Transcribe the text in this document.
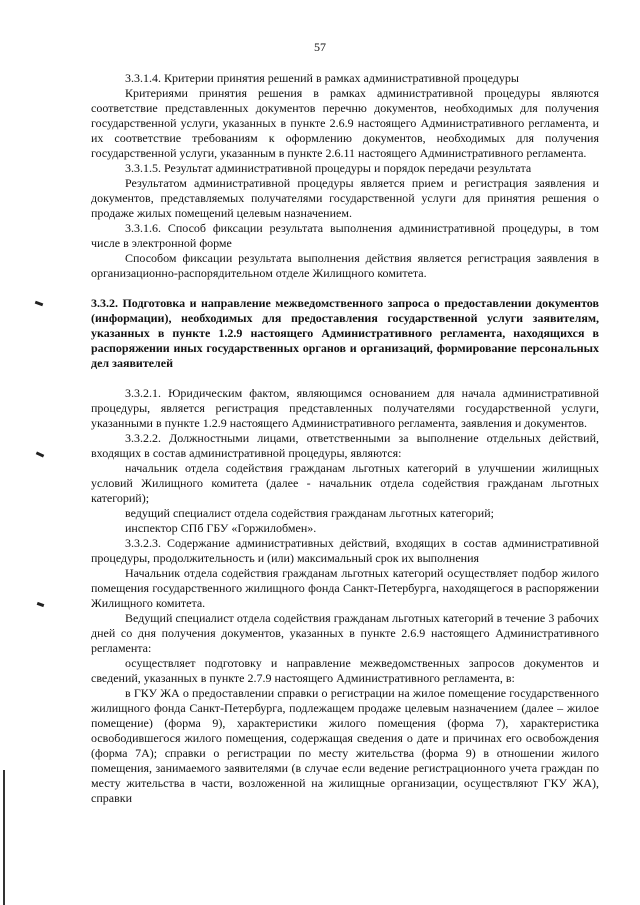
57

3.3.1.4. Критерии принятия решений в рамках административной процедуры

Критериями принятия решения в рамках административной процедуры являются соответствие представленных документов перечню документов, необходимых для получения государственной услуги, указанных в пункте 2.6.9 настоящего Административного регламента, и их соответствие требованиям к оформлению документов, необходимых для получения государственной услуги, указанным в пункте 2.6.11 настоящего Административного регламента.

3.3.1.5. Результат административной процедуры и порядок передачи результата

Результатом административной процедуры является прием и регистрация заявления и документов, представляемых получателями государственной услуги для принятия решения о продаже жилых помещений целевым назначением.

3.3.1.6. Способ фиксации результата выполнения административной процедуры, в том числе в электронной форме

Способом фиксации результата выполнения действия является регистрация заявления в организационно-распорядительном отделе Жилищного комитета.

3.3.2. Подготовка и направление межведомственного запроса о предоставлении документов (информации), необходимых для предоставления государственной услуги заявителям, указанных в пункте 1.2.9 настоящего Административного регламента, находящихся в распоряжении иных государственных органов и организаций, формирование персональных дел заявителей

3.3.2.1. Юридическим фактом, являющимся основанием для начала административной процедуры, является регистрация представленных получателями государственной услуги, указанными в пункте 1.2.9 настоящего Административного регламента, заявления и документов.

3.3.2.2. Должностными лицами, ответственными за выполнение отдельных действий, входящих в состав административной процедуры, являются:

начальник отдела содействия гражданам льготных категорий в улучшении жилищных условий Жилищного комитета (далее - начальник отдела содействия гражданам льготных категорий);

ведущий специалист отдела содействия гражданам льготных категорий;

инспектор СПб ГБУ «Горжилобмен».

3.3.2.3. Содержание административных действий, входящих в состав административной процедуры, продолжительность и (или) максимальный срок их выполнения

Начальник отдела содействия гражданам льготных категорий осуществляет подбор жилого помещения государственного жилищного фонда Санкт-Петербурга, находящегося в распоряжении Жилищного комитета.

Ведущий специалист отдела содействия гражданам льготных категорий в течение 3 рабочих дней со дня получения документов, указанных в пункте 2.6.9 настоящего Административного регламента:

осуществляет подготовку и направление межведомственных запросов документов и сведений, указанных в пункте 2.7.9 настоящего Административного регламента, в:

в ГКУ ЖА о предоставлении справки о регистрации на жилое помещение государственного жилищного фонда Санкт-Петербурга, подлежащем продаже целевым назначением (далее – жилое помещение) (форма 9), характеристики жилого помещения (форма 7), характеристика освободившегося жилого помещения, содержащая сведения о дате и причинах его освобождения (форма 7А); справки о регистрации по месту жительства (форма 9) в отношении жилого помещения, занимаемого заявителями (в случае если ведение регистрационного учета граждан по месту жительства в части, возложенной на жилищные организации, осуществляют ГКУ ЖА), справки
